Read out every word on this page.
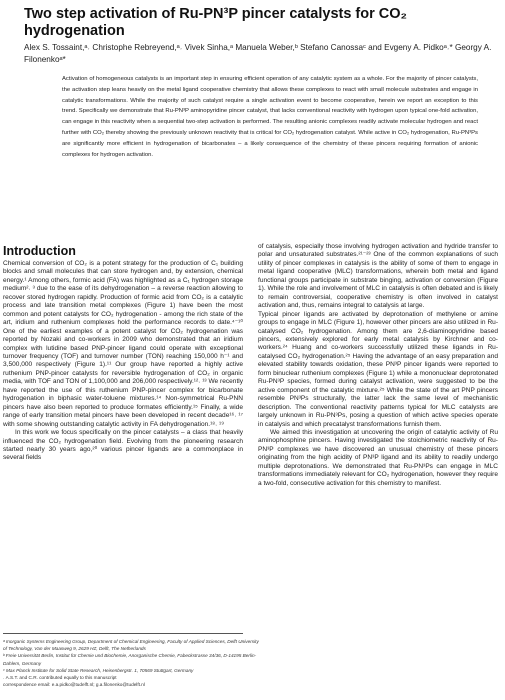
Two step activation of Ru-PN³P pincer catalysts for CO₂ hydrogenation
Alex S. Tossaint,ᵃ˒ Christophe Rebreyend,ᵃ˒ Vivek Sinha,ᵃ Manuela Weber,ᵇ Stefano Canossaᶜ and Evgeny A. Pidkoᵃ˒* Georgy A. Filonenkoᵃ*
Activation of homogeneous catalysts is an important step in ensuring efficient operation of any catalytic system as a whole. For the majority of pincer catalysts, the activation step leans heavily on the metal ligand cooperative chemistry that allows these complexes to react with small molecule substrates and engage in catalytic transformations. While the majority of such catalyst require a single activation event to become cooperative, herein we report an exception to this trend. Specifically we demonstrate that Ru-PN³P aminopyridine pincer catalyst, that lacks conventional reactivity with hydrogen upon typical one-fold activation, can engage in this reactivity when a sequential two-step activation is performed. The resulting anionic complexes readily activate molecular hydrogen and react further with CO₂ thereby showing the previously unknown reactivity that is critical for CO₂ hydrogenation catalyst. While active in CO₂ hydrogenation, Ru-PN³Ps are significantly more efficient in hydrogenation of bicarbonates – a likely consequence of the chemistry of these pincers requiring formation of anionic complexes for hydrogen activation.
Introduction

Chemical conversion of CO₂ is a potent strategy for the production of C₁ building blocks and small molecules that can store hydrogen and, by extension, chemical energy.¹ Among others, formic acid (FA) was highlighted as a C₁ hydrogen storage medium²˒ ³ due to the ease of its dehydrogenation – a reverse reaction allowing to recover stored hydrogen rapidly. Production of formic acid from CO₂ is a catalytic process and late transition metal complexes (Figure 1) have been the most common and potent catalysts for CO₂ hydrogenation - among the rich state of the art, iridium and ruthenium complexes hold the performance records to date.⁴⁻¹⁰ One of the earliest examples of a potent catalyst for CO₂ hydrogenation was reported by Nozaki and co-workers in 2009 who demonstrated that an iridium complex with lutidine based PNP-pincer ligand could operate with exceptional turnover frequency (TOF) and turnover number (TON) reaching 150,000 h⁻¹ and 3,500,000 respectively (Figure 1).¹¹ Our group have reported a highly active ruthenium PNP-pincer catalysts for reversible hydrogenation of CO₂ in organic media, with TOF and TON of 1,100,000 and 206,000 respectively.¹²˒ ¹³ We recently have reported the use of this ruthenium PNP-pincer complex for bicarbonate hydrogenation in biphasic water-toluene mixtures.¹⁴ Non-symmetrical Ru-PNN pincers have also been reported to produce formates efficiently.¹⁵ Finally, a wide range of early transition metal pincers have been developed in recent decade¹⁶˒ ¹⁷ with some showing outstanding catalytic activity in FA dehydrogenation.¹⁸˒ ¹⁹

In this work we focus specifically on the pincer catalysts – a class that heavily influenced the CO₂ hydrogenation field. Evolving from the pioneering research started nearly 30 years ago,²⁰ various pincer ligands are a commonplace in several fields

of catalysis, especially those involving hydrogen activation and hydride transfer to polar and unsaturated substrates.²¹⁻²³ One of the common explanations of such utility of pincer complexes in catalysis is the ability of some of them to engage in metal ligand cooperative (MLC) transformations, wherein both metal and ligand functional groups participate in substrate binging, activation or conversion (Figure 1). While the role and involvement of MLC in catalysis is often debated and is likely to remain controversial, cooperative chemistry is often involved in catalyst activation and, thus, remains integral to catalysis at large.

Typical pincer ligands are activated by deprotonation of methylene or amine groups to engage in MLC (Figure 1), however other pincers are also utilized in Ru-catalysed CO₂ hydrogenation. Among them are 2,6-diaminopyridine based pincers, extensively explored for early metal catalysis by Kirchner and co-workers.²⁴ Huang and co-workers successfully utilized these ligands in Ru-catalysed CO₂ hydrogenation.²⁵ Having the advantage of an easy preparation and elevated stability towards oxidation, these PN³P pincer ligands were reported to form binuclear ruthenium complexes (Figure 1) while a mononuclear deprotonated Ru-PN³P species, formed during catalyst activation, were suggested to be the active component of the catalytic mixture.²⁵ While the state of the art PNP pincers resemble PN³Ps structurally, the latter lack the same level of mechanistic description. The conventional reactivity patterns typical for MLC catalysts are largely unknown in Ru-PN³Ps, posing a question of which active species operate in catalysis and which precatalyst transformations furnish them.

We aimed this investigation at uncovering the origin of catalytic activity of Ru aminophosphine pincers. Having investigated the stoichiometric reactivity of Ru-PN³P complexes we have discovered an unusual chemistry of these pincers originating from the high acidity of PN³P ligand and its ability to readily undergo multiple deprotonations. We demonstrated that Ru-PN³Ps can engage in MLC transformations immediately relevant for CO₂ hydrogenation, however they require a two-fold, consecutive activation for this chemistry to manifest.

ᵃ Inorganic Systems Engineering Group, Department of Chemical Engineering, Faculty of Applied Sciences, Delft University of Technology, Van der Maasweg 9, 2629 HZ, Delft, The Netherlands
ᵇ Freie Universität Berlin, Institut für Chemie und Biochemie, Anorganische Chemie, Fabeckstrasse 34/36, D-14195 Berlin-Dahlem, Germany
ᶜ Max Planck Institute for Solid State Research, Heisenbergstr. 1, 70569 Stuttgart, Germany
˒ A.S.T. and C.R. contributed equally to this manuscript
correspondence email: e.a.pidko@tudelft.nl; g.a.filonenko@tudelft.nl
